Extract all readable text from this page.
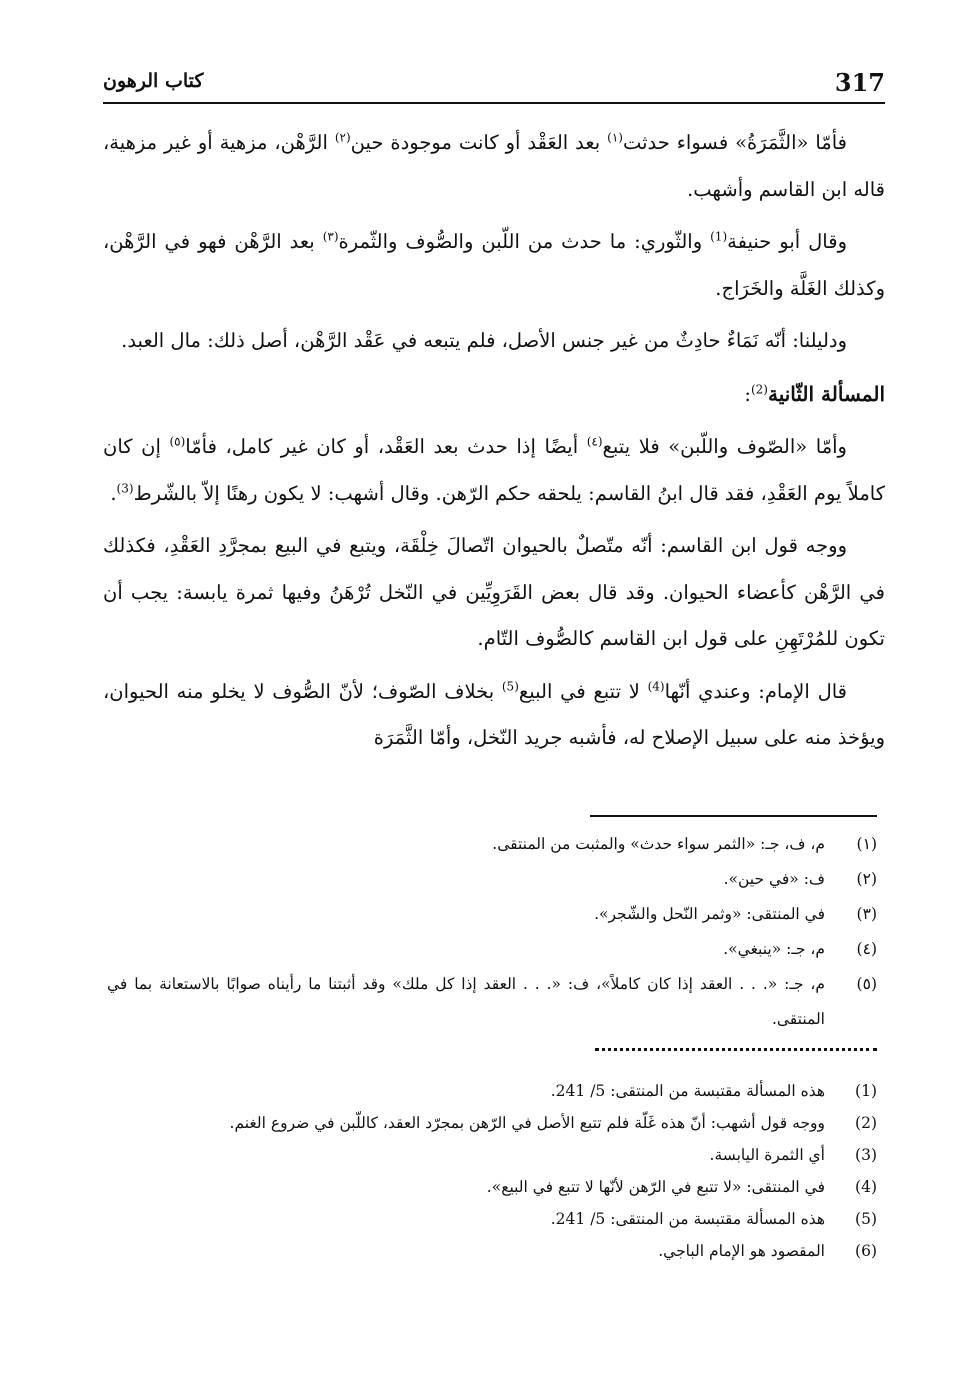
317
كتاب الرهون

فأمّا «الثَّمَرَةُ» فسواء حدثت$^{(١)}$ بعد العَقْد أو كانت موجودة حين$^{(٢)}$ الرَّهْن، مزهية أو غير مزهية، قاله ابن القاسم وأشهب.

وقال أبو حنيفة$^{(1)}$ والثّوري: ما حدث من اللّبن والصُّوف والثّمرة$^{(٣)}$ بعد الرَّهْن فهو في الرَّهْن، وكذلك الغَلَّة والخَرَاج.

ودليلنا: أنّه نَمَاءٌ حادِثٌ من غير جنس الأصل، فلم يتبعه في عَقْد الرَّهْن، أصل ذلك: مال العبد.

المسألة الثّانية$^{(2)}$:

وأمّا «الصّوف واللّبن» فلا يتبع$^{(٤)}$ أيضًا إذا حدث بعد العَقْد، أو كان غير كامل، فأمّا$^{(٥)}$ إن كان كاملاً يوم العَقْدِ، فقد قال ابنُ القاسم: يلحقه حكم الرّهن. وقال أشهب: لا يكون رهنًا إلاّ بالشّرط$^{(3)}$.

ووجه قول ابن القاسم: أنّه متّصلٌ بالحيوان اتّصالَ خِلْقَة، ويتبع في البيع بمجرَّدِ العَقْدِ، فكذلك في الرَّهْن كأعضاء الحيوان. وقد قال بعض القَرَوِيِّين في النّخل تُرْهَنُ وفيها ثمرة يابسة: يجب أن تكون للمُرْتَهِنِ على قول ابن القاسم كالصُّوف التّام.

قال الإمام: وعندي أنّها$^{(4)}$ لا تتبع في البيع$^{(5)}$ بخلاف الصّوف؛ لأنّ الصُّوف لا يخلو منه الحيوان، ويؤخذ منه على سبيل الإصلاح له، فأشبه جريد النّخل، وأمّا الثَّمَرَة

(١)
م، ف، جـ: «الثمر سواء حدث» والمثبت من المنتقى.
(٢)
ف: «في حين».
(٣)
في المنتقى: «وثمر النّحل والشّجر».
(٤)
م، جـ: «ينبغي».
(٥)
م، جـ: «. . . العقد إذا كان كاملاً»، ف: «. . . العقد إذا كل ملك» وقد أثبتنا ما رأيناه صوابًا بالاستعانة بما في المنتقى.
(1)
هذه المسألة مقتبسة من المنتقى: 5/ 241.
(2)
ووجه قول أشهب: أنّ هذه غَلّة فلم تتبع الأصل في الرّهن بمجرّد العقد، كاللّبن في ضروع الغنم.
(3)
أي الثمرة اليابسة.
(4)
في المنتقى: «لا تتبع في الرّهن لأنّها لا تتبع في البيع».
(5)
هذه المسألة مقتبسة من المنتقى: 5/ 241.
(6)
المقصود هو الإمام الباجي.
